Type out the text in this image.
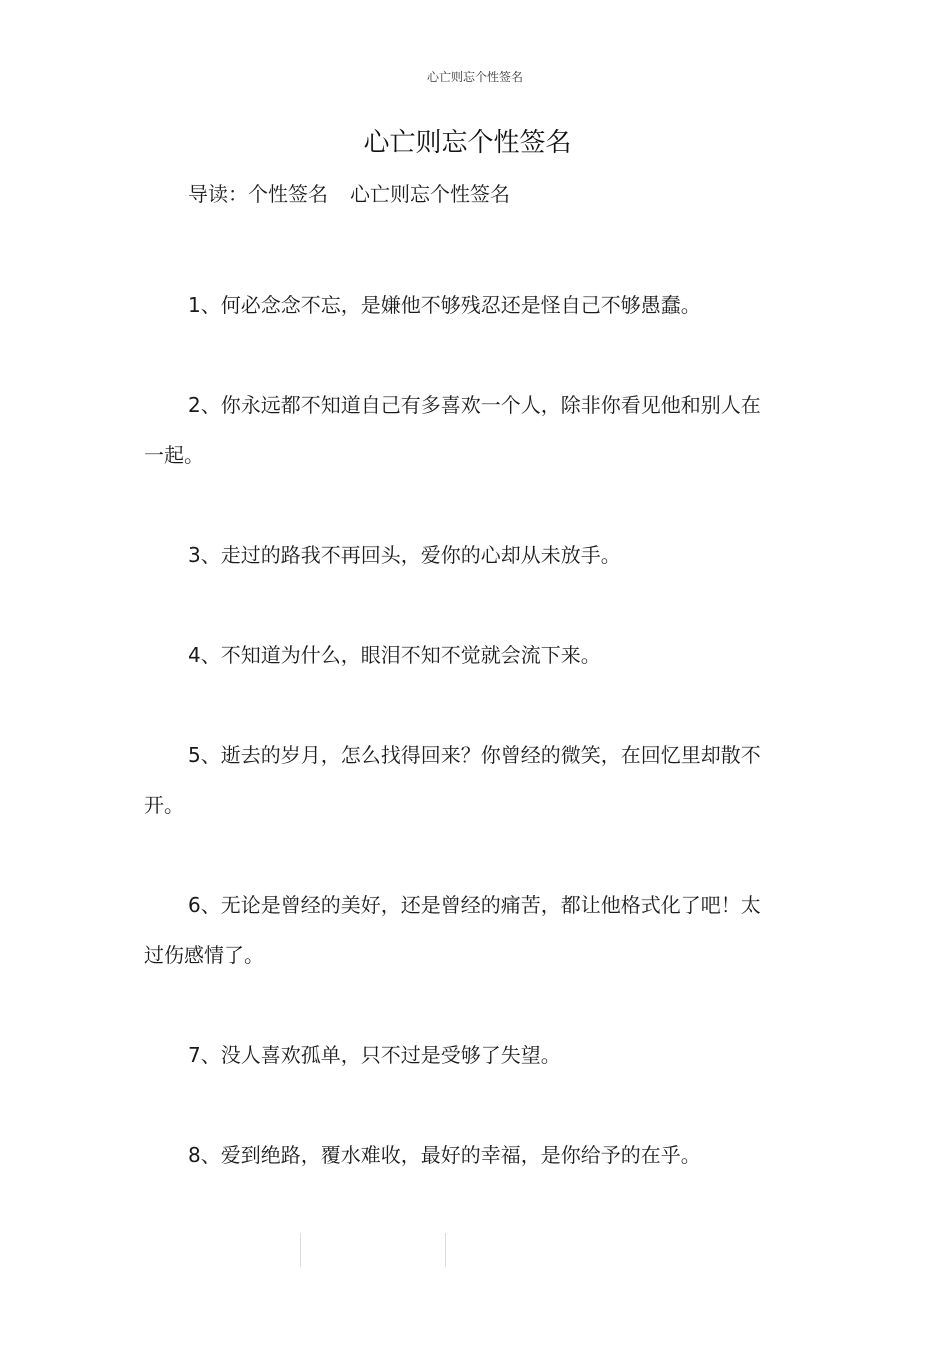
心亡则忘个性签名
心亡则忘个性签名
导读：个性签名 心亡则忘个性签名

1、何必念念不忘，是嫌他不够残忍还是怪自己不够愚蠢。

2、你永远都不知道自己有多喜欢一个人，除非你看见他和别人在一起。

3、走过的路我不再回头，爱你的心却从未放手。

4、不知道为什么，眼泪不知不觉就会流下来。

5、逝去的岁月，怎么找得回来？你曾经的微笑，在回忆里却散不开。

6、无论是曾经的美好，还是曾经的痛苦，都让他格式化了吧！太过伤感情了。

7、没人喜欢孤单，只不过是受够了失望。

8、爱到绝路，覆水难收，最好的幸福，是你给予的在乎。
